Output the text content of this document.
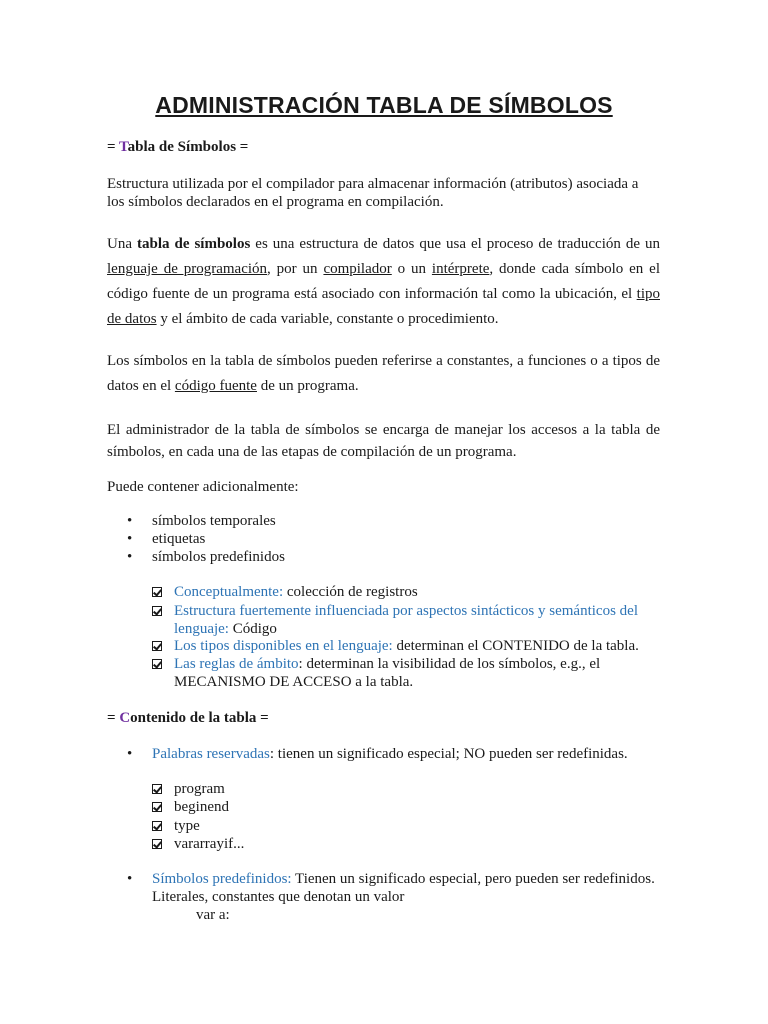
ADMINISTRACIÓN TABLA DE SÍMBOLOS
= Tabla de Símbolos =
Estructura utilizada por el compilador para almacenar información (atributos) asociada a
los símbolos declarados en el programa en compilación.
Una tabla de símbolos es una estructura de datos que usa el proceso de traducción de un lenguaje de programación, por un compilador o un intérprete, donde cada símbolo en el código fuente de un programa está asociado con información tal como la ubicación, el tipo de datos y el ámbito de cada variable, constante o procedimiento.
Los símbolos en la tabla de símbolos pueden referirse a constantes, a funciones o a tipos de datos en el código fuente de un programa.
El administrador de la tabla de símbolos se encarga de manejar los accesos a la tabla de símbolos, en cada una de las etapas de compilación de un programa.
Puede contener adicionalmente:
•	símbolos temporales
•	etiquetas
•	símbolos predefinidos
Conceptualmente: colección de registros
Estructura fuertemente influenciada por aspectos sintácticos y semánticos del
lenguaje: Código
Los tipos disponibles en el lenguaje: determinan el CONTENIDO de la tabla.
Las reglas de ámbito: determinan la visibilidad de los símbolos, e.g., el
MECANISMO DE ACCESO a la tabla.
= Contenido de la tabla =
•	Palabras reservadas: tienen un significado especial; NO pueden ser redefinidas.
program
beginend
type
vararrayif...
•	Símbolos predefinidos: Tienen un significado especial, pero pueden ser redefinidos.
Literales, constantes que denotan un valor
var a:
